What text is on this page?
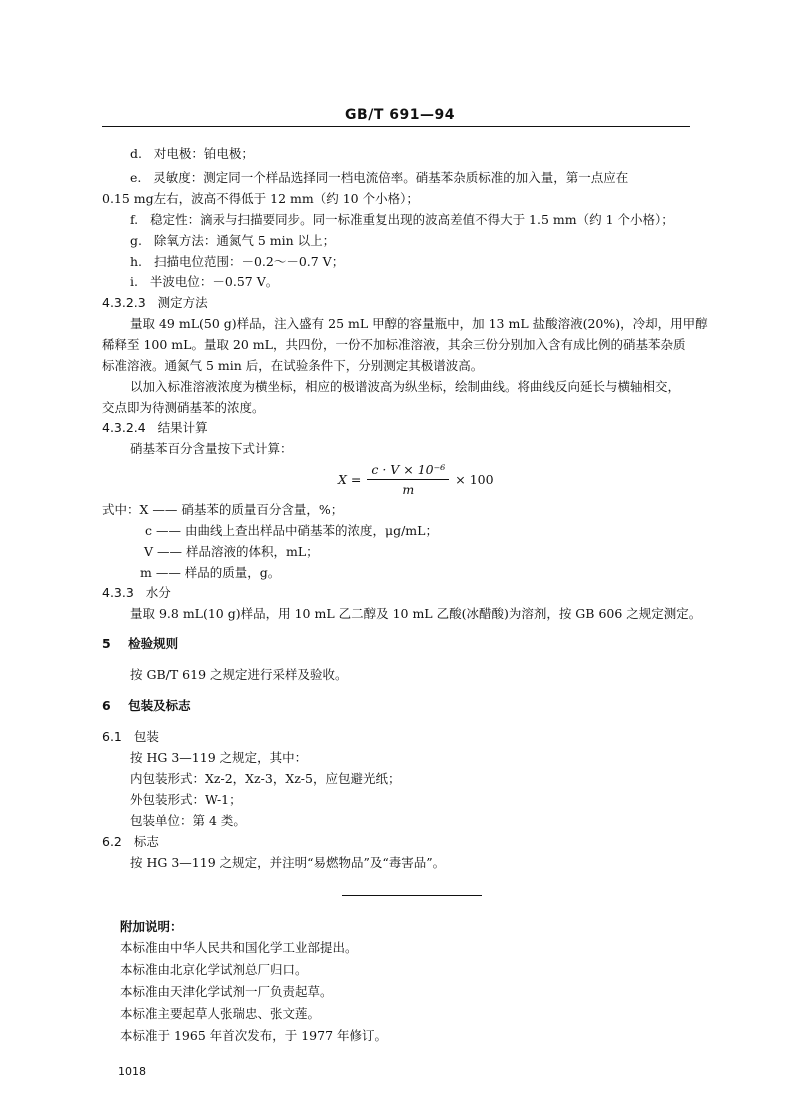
GB/T 691—94
d. 对电极：铂电极；
e. 灵敏度：测定同一个样品选择同一档电流倍率。硝基苯杂质标准的加入量，第一点应在
0.15 mg左右，波高不得低于 12 mm（约 10 个小格）；
f. 稳定性：滴汞与扫描要同步。同一标准重复出现的波高差值不得大于 1.5 mm（约 1 个小格）；
g. 除氧方法：通氮气 5 min 以上；
h. 扫描电位范围：－0.2～－0.7 V；
i. 半波电位：－0.57 V。
4.3.2.3 测定方法
量取 49 mL(50 g)样品，注入盛有 25 mL 甲醇的容量瓶中，加 13 mL 盐酸溶液(20%)，冷却，用甲醇
稀释至 100 mL。量取 20 mL，共四份，一份不加标准溶液，其余三份分别加入含有成比例的硝基苯杂质
标准溶液。通氮气 5 min 后，在试验条件下，分别测定其极谱波高。
以加入标准溶液浓度为横坐标，相应的极谱波高为纵坐标，绘制曲线。将曲线反向延长与横轴相交，
交点即为待测硝基苯的浓度。
4.3.2.4 结果计算
硝基苯百分含量按下式计算：
$X = \frac{\text{c · V × 10⁻⁶}}{m} \times 100$
式中：X —— 硝基苯的质量百分含量，%；
c —— 由曲线上查出样品中硝基苯的浓度，μg/mL；
V —— 样品溶液的体积，mL；
m —— 样品的质量，g。
4.3.3 水分
量取 9.8 mL(10 g)样品，用 10 mL 乙二醇及 10 mL 乙酸(冰醋酸)为溶剂，按 GB 606 之规定测定。
5 检验规则
按 GB/T 619 之规定进行采样及验收。
6 包装及标志
6.1 包装
按 HG 3—119 之规定，其中：
内包装形式：Xz-2，Xz-3，Xz-5，应包避光纸；
外包装形式：W-1；
包装单位：第 4 类。
6.2 标志
按 HG 3—119 之规定，并注明“易燃物品”及“毒害品”。
附加说明：
本标准由中华人民共和国化学工业部提出。
本标准由北京化学试剂总厂归口。
本标准由天津化学试剂一厂负责起草。
本标准主要起草人张瑞忠、张文莲。
本标准于 1965 年首次发布，于 1977 年修订。
1018
